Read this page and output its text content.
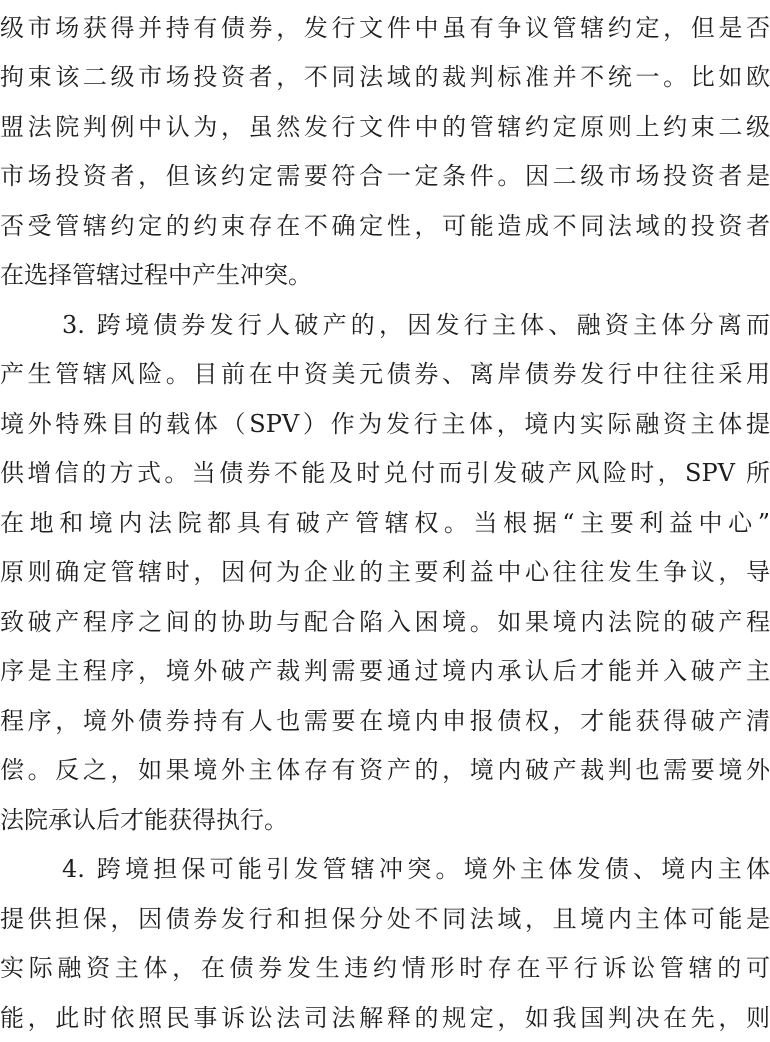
级市场获得并持有债券，发行文件中虽有争议管辖约定，但是否
拘束该二级市场投资者，不同法域的裁判标准并不统一。比如欧
盟法院判例中认为，虽然发行文件中的管辖约定原则上约束二级
市场投资者，但该约定需要符合一定条件。因二级市场投资者是
否受管辖约定的约束存在不确定性，可能造成不同法域的投资者
在选择管辖过程中产生冲突。
3. 跨境债券发行人破产的，因发行主体、融资主体分离而
产生管辖风险。目前在中资美元债券、离岸债券发行中往往采用
境外特殊目的载体（SPV）作为发行主体，境内实际融资主体提
供增信的方式。当债券不能及时兑付而引发破产风险时，SPV 所
在地和境内法院都具有破产管辖权。当根据“主要利益中心”
原则确定管辖时，因何为企业的主要利益中心往往发生争议，导
致破产程序之间的协助与配合陷入困境。如果境内法院的破产程
序是主程序，境外破产裁判需要通过境内承认后才能并入破产主
程序，境外债券持有人也需要在境内申报债权，才能获得破产清
偿。反之，如果境外主体存有资产的，境内破产裁判也需要境外
法院承认后才能获得执行。
4. 跨境担保可能引发管辖冲突。境外主体发债、境内主体
提供担保，因债券发行和担保分处不同法域，且境内主体可能是
实际融资主体，在债券发生违约情形时存在平行诉讼管辖的可
能，此时依照民事诉讼法司法解释的规定，如我国判决在先，则
